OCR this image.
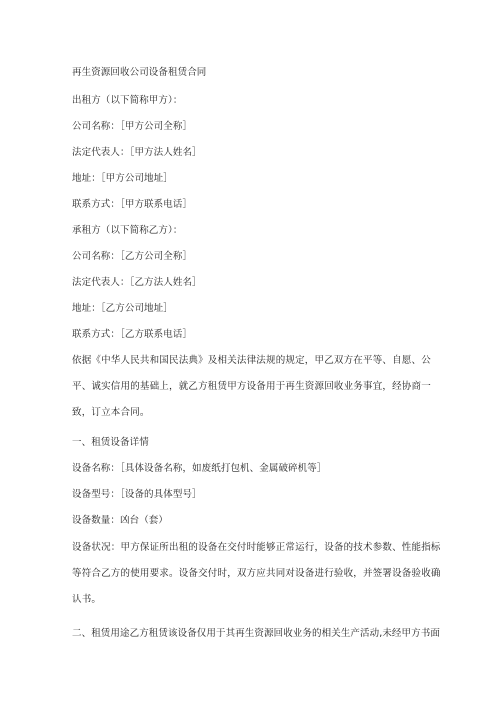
再生资源回收公司设备租赁合同
出租方（以下简称甲方）：
公司名称：［甲方公司全称］
法定代表人：［甲方法人姓名］
地址：［甲方公司地址］
联系方式：［甲方联系电话］
承租方（以下简称乙方）：
公司名称：［乙方公司全称］
法定代表人：［乙方法人姓名］
地址：［乙方公司地址］
联系方式：［乙方联系电话］
依据《中华人民共和国民法典》及相关法律法规的规定，甲乙双方在平等、自愿、公
平、诚实信用的基础上，就乙方租赁甲方设备用于再生资源回收业务事宜，经协商一
致，订立本合同。
一、租赁设备详情
设备名称：［具体设备名称，如废纸打包机、金属破碎机等］
设备型号：［设备的具体型号］
设备数量：凶台（套）
设备状况：甲方保证所出租的设备在交付时能够正常运行，设备的技术参数、性能指标
等符合乙方的使用要求。设备交付时，双方应共同对设备进行验收，并签署设备验收确
认书。
二、租赁用途乙方租赁该设备仅用于其再生资源回收业务的相关生产活动,未经甲方书面
